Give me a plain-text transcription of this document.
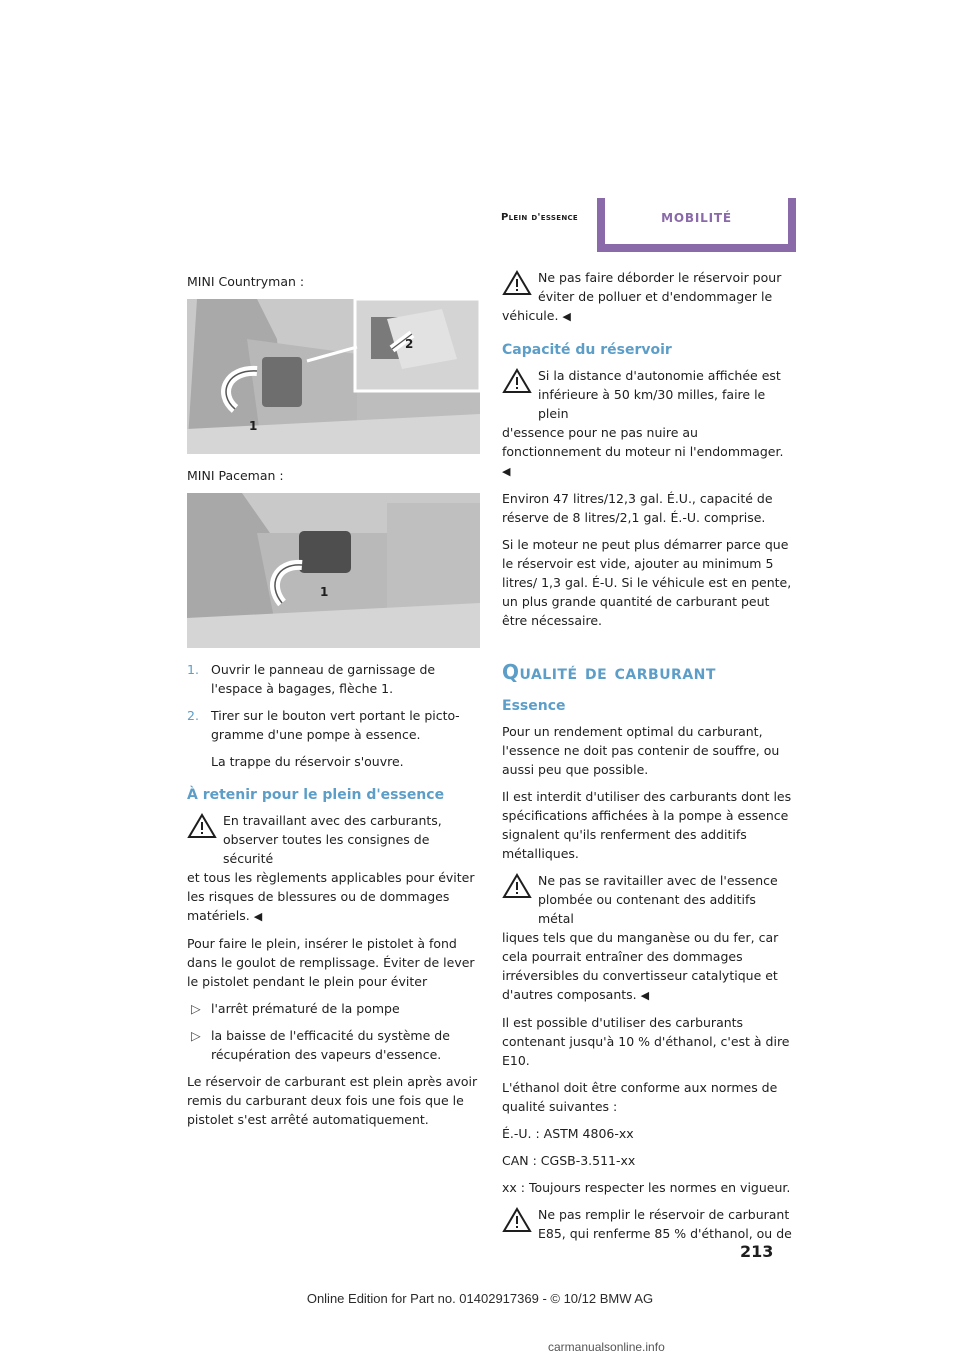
Plein d'essence	MOBILITÉ

MINI Countryman :

1
2

MINI Paceman :

1
1. Ouvrir le panneau de garnissage de l'espace à bagages, flèche 1.
2. Tirer sur le bouton vert portant le pictogramme d'une pompe à essence.

La trappe du réservoir s'ouvre.

À retenir pour le plein d'essence

En travaillant avec des carburants, observer toutes les consignes de sécurité
et tous les règlements applicables pour éviter les risques de blessures ou de dommages matériels. ◀

Pour faire le plein, insérer le pistolet à fond dans le goulot de remplissage. Éviter de lever le pistolet pendant le plein pour éviter

▷ l'arrêt prématuré de la pompe
▷ la baisse de l'efficacité du système de récupération des vapeurs d'essence.

Le réservoir de carburant est plein après avoir remis du carburant deux fois une fois que le pistolet s'est arrêté automatiquement.

Ne pas faire déborder le réservoir pour éviter de polluer et d'endommager le
véhicule. ◀

Capacité du réservoir

Si la distance d'autonomie affichée est inférieure à 50 km/30 milles, faire le plein
d'essence pour ne pas nuire au fonctionnement du moteur ni l'endommager. ◀

Environ 47 litres/12,3 gal. É.U., capacité de réserve de 8 litres/2,1 gal. É.-U. comprise.

Si le moteur ne peut plus démarrer parce que le réservoir est vide, ajouter au minimum 5 litres/ 1,3 gal. É-U. Si le véhicule est en pente, un plus grande quantité de carburant peut être nécessaire.

Qualité de carburant
Essence

Pour un rendement optimal du carburant, l'essence ne doit pas contenir de souffre, ou aussi peu que possible.

Il est interdit d'utiliser des carburants dont les spécifications affichées à la pompe à essence signalent qu'ils renferment des additifs métalliques.

Ne pas se ravitailler avec de l'essence plombée ou contenant des additifs métal
liques tels que du manganèse ou du fer, car cela pourrait entraîner des dommages irréversibles du convertisseur catalytique et d'autres composants. ◀

Il est possible d'utiliser des carburants contenant jusqu'à 10 % d'éthanol, c'est à dire E10.

L'éthanol doit être conforme aux normes de qualité suivantes :

É.-U. : ASTM 4806-xx

CAN : CGSB-3.511-xx

xx : Toujours respecter les normes en vigueur.

Ne pas remplir le réservoir de carburant E85, qui renferme 85 % d'éthanol, ou de

213
Online Edition for Part no. 01402917369 - © 10/12 BMW AG
carmanualsonline.info
